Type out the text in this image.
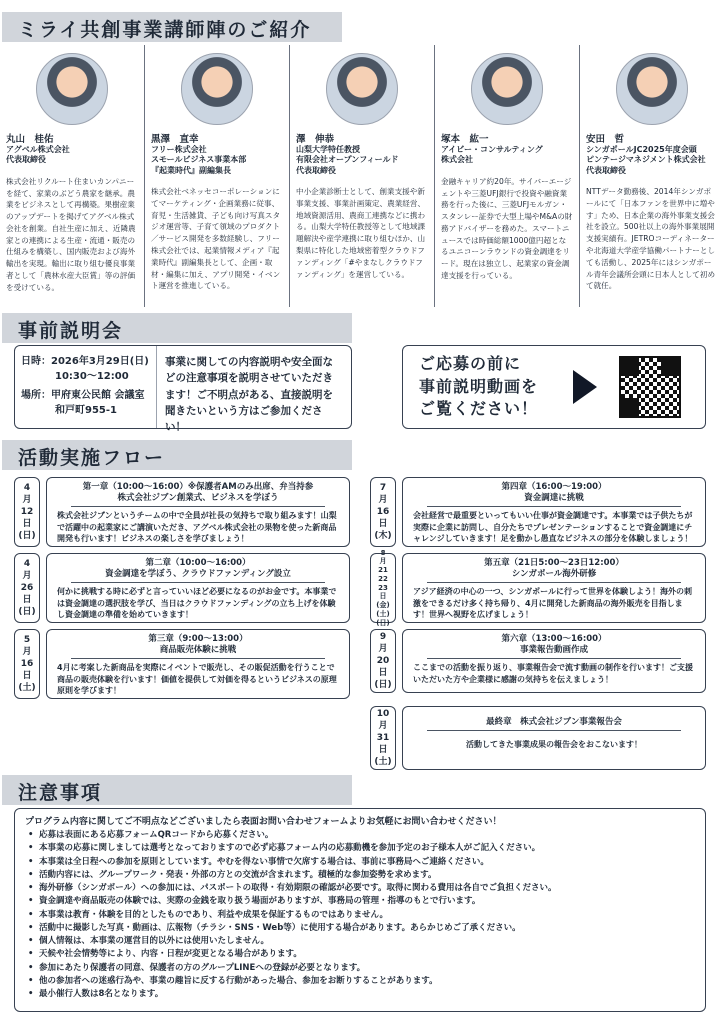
ミライ共創事業講師陣のご紹介
丸山　桂佑
アグベル株式会社
代表取締役
株式会社リクルート住まいカンパニーを経て、家業のぶどう農家を継承。農業をビジネスとして再構築。果樹産業のアップデートを掲げてアグベル株式会社を創業。自社生産に加え、近隣農家との連携による生産・流通・販売の仕組みを構築し、国内販売および海外輸出を実現。輸出に取り組む優良事業者として「農林水産大臣賞」等の評価を受けている。
黒澤　直幸
フリー株式会社
スモールビジネス事業本部
『起業時代』副編集長
株式会社ベネッセコーポレーションにてマーケティング・企画業務に従事、育児・生活雑貨、子ども向け写真スタジオ運営等、子育て領域のプロダクト／サービス開発を多数経験し、フリー株式会社では、起業情報メディア『起業時代』副編集長として、企画・取材・編集に加え、アプリ開発・イベント運営を推進している。
澤　伸恭
山梨大学特任教授
有限会社オープンフィールド
代表取締役
中小企業診断士として、創業支援や新事業支援、事業計画策定、農業経営、地域資源活用、農商工連携などに携わる。山梨大学特任教授等として地域課題解決や産学連携に取り組むほか、山梨県に特化した地域密着型クラウドファンディング「#やまなしクラウドファンディング」を運営している。
塚本　紘一
アイビー・コンサルティング
株式会社
金融キャリア約20年。サイバーエージェントや三菱UFJ銀行で投資や融資業務を行った後に、三菱UFJモルガン・スタンレー証券で大型上場やM&Aの財務アドバイザーを務めた。スマートニュースでは時価総額1000億円超となるユニコーンラウンドの資金調達をリード。現在は独立し、起業家の資金調達支援を行っている。
安田　哲
シンガポールJC2025年度会頭
ピンテージマネジメント株式会社
代表取締役
NTTデータ勤務後、2014年シンガポールにて「日本ファンを世界中に増やす」ため、日本企業の海外事業支援会社を設立。500社以上の海外事業展開支援実績有。JETROコーディネーターや北海道大学産学協働パートナーとしても活動し、2025年にはシンガポール青年会議所会頭に日本人として初めて就任。
事前説明会
日時：2026年3月29日(日)
10:30〜12:00
場所：甲府東公民館 会議室
和戸町955-1
事業に関しての内容説明や安全面などの注意事項を説明させていただきます！ご不明点がある、直接説明を聞きたいという方はご参加ください！
ご応募の前に
事前説明動画を
ご覧ください！
活動実施フロー
4
月
12
日
(日)
第一章（10:00〜16:00）※保護者AMのみ出席、弁当持参
株式会社ジブン創業式、ビジネスを学ぼう
株式会社ジブンというチームの中で全員が社長の気持ちで取り組みます！山梨で活躍中の起業家にご講演いただき、アグベル株式会社の果物を使った新商品開発も行います！ビジネスの楽しさを学びましょう！
4
月
26
日
(日)
第二章（10:00〜16:00）
資金調達を学ぼう、クラウドファンディング設立
何かに挑戦する時に必ずと言っていいほど必要になるのがお金です。本事業では資金調達の選択肢を学び、当日はクラウドファンディングの立ち上げを体験し資金調達の準備を始めていきます！
5
月
16
日
(土)
第三章（9:00〜13:00）
商品販売体験に挑戦
4月に考案した新商品を実際にイベントで販売し、その販促活動を行うことで商品の販売体験を行います！価値を提供して対価を得るというビジネスの原理原則を学びます！
7
月
16
日
(木)
第四章（16:00〜19:00）
資金調達に挑戦
会社経営で最重要といってもいい仕事が資金調達です。本事業では子供たちが実際に企業に訪問し、自分たちでプレゼンテーションすることで資金調達にチャレンジしていきます！足を動かし愚直なビジネスの部分を体験しましょう！
8
月
21
22
23
日
(金)
(土)
(日)
第五章（21日5:00〜23日12:00）
シンガポール海外研修
アジア経済の中心の一つ、シンガポールに行って世界を体験しよう！海外の刺激をできるだけ多く持ち帰り、4月に開発した新商品の海外販売を目指します！世界へ視野を広げましょう！
9
月
20
日
(日)
第六章（13:00〜16:00）
事業報告動画作成
ここまでの活動を振り返り、事業報告会で流す動画の制作を行います！ご支援いただいた方や企業様に感謝の気持ちを伝えましょう！
10
月
31
日
(土)
最終章　株式会社ジブン事業報告会
活動してきた事業成果の報告会をおこないます！
注意事項
プログラム内容に関してご不明点などございましたら表面お問い合わせフォームよりお気軽にお問い合わせください！
• 応募は表面にある応募フォームQRコードから応募ください。
• 本事業の応募に関しましては選考となっておりますので必ず応募フォーム内の応募動機を参加予定のお子様本人がご記入ください。
• 本事業は全日程への参加を原則としています。やむを得ない事情で欠席する場合は、事前に事務局へご連絡ください。
• 活動内容には、グループワーク・発表・外部の方との交流が含まれます。積極的な参加姿勢を求めます。
• 海外研修（シンガポール）への参加には、パスポートの取得・有効期限の確認が必要です。取得に関わる費用は各自でご負担ください。
• 資金調達や商品販売の体験では、実際の金銭を取り扱う場面がありますが、事務局の管理・指導のもとで行います。
• 本事業は教育・体験を目的としたものであり、利益や成果を保証するものではありません。
• 活動中に撮影した写真・動画は、広報物（チラシ・SNS・Web等）に使用する場合があります。あらかじめご了承ください。
• 個人情報は、本事業の運営目的以外には使用いたしません。
• 天候や社会情勢等により、内容・日程が変更となる場合があります。
• 参加にあたり保護者の同意、保護者の方のグループLINEへの登録が必要となります。
• 他の参加者への迷惑行為や、事業の趣旨に反する行動があった場合、参加をお断りすることがあります。
• 最小催行人数は8名となります。
